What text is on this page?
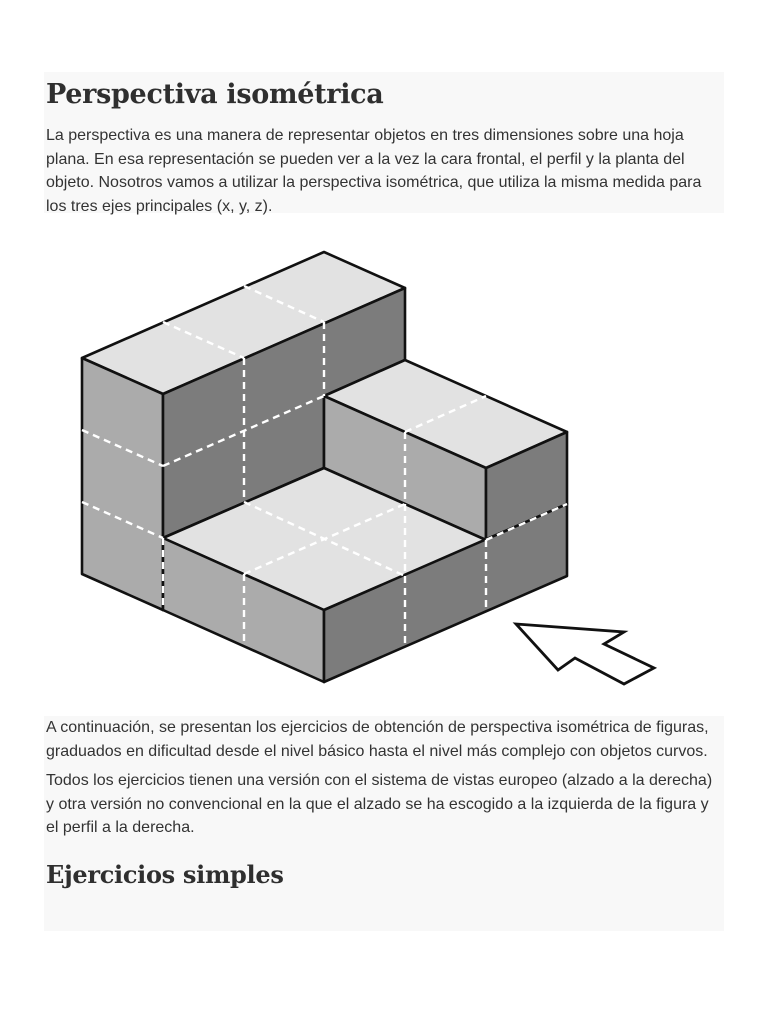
Perspectiva isométrica

La perspectiva es una manera de representar objetos en tres dimensiones sobre una hoja plana. En esa representación se pueden ver a la vez la cara frontal, el perfil y la planta del objeto. Nosotros vamos a utilizar la perspectiva isométrica, que utiliza la misma medida para los tres ejes principales (x, y, z).

A continuación, se presentan los ejercicios de obtención de perspectiva isométrica de figuras, graduados en dificultad desde el nivel básico hasta el nivel más complejo con objetos curvos.

Todos los ejercicios tienen una versión con el sistema de vistas europeo (alzado a la derecha) y otra versión no convencional en la que el alzado se ha escogido a la izquierda de la figura y el perfil a la derecha.

Ejercicios simples
